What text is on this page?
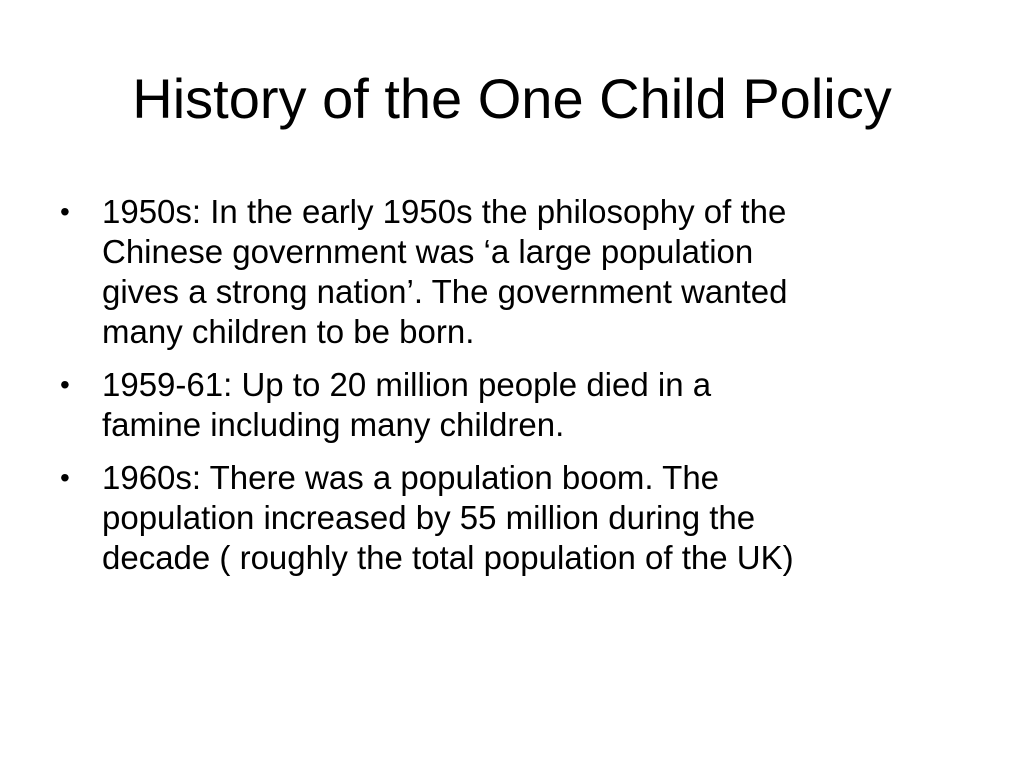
History of the One Child Policy
• 1950s: In the early 1950s the philosophy of the
Chinese government was ‘a large population
gives a strong nation’. The government wanted
many children to be born.
• 1959-61: Up to 20 million people died in a
famine including many children.
• 1960s: There was a population boom. The
population increased by 55 million during the
decade ( roughly the total population of the UK)
